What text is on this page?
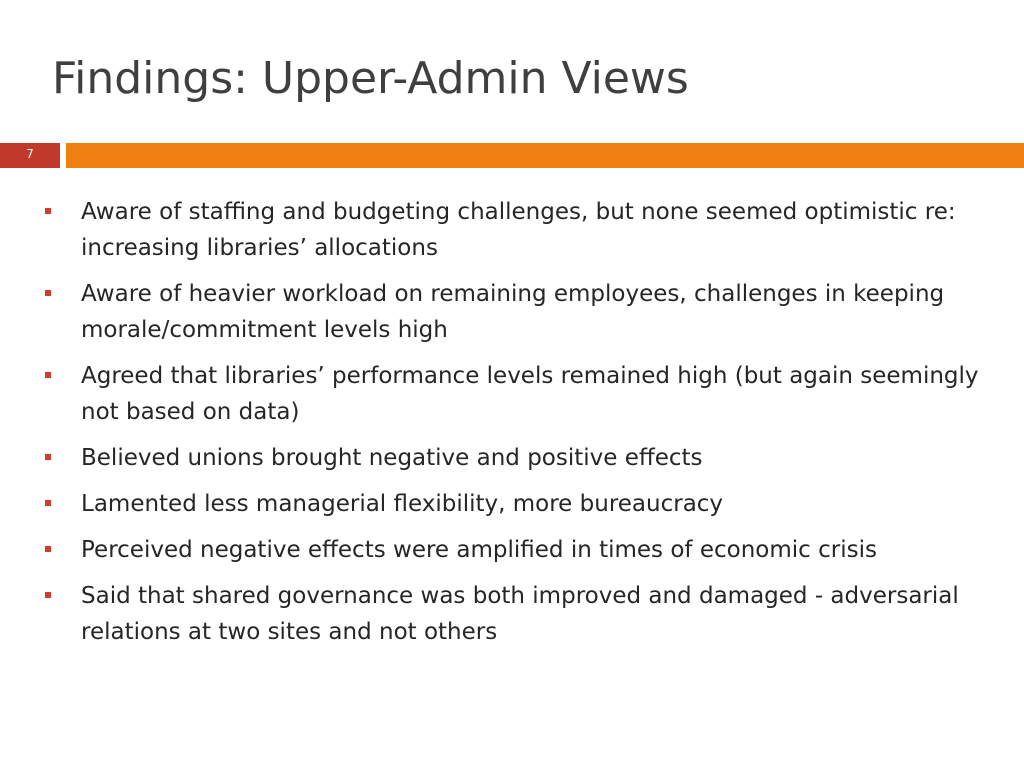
Findings: Upper-Admin Views
7
Aware of staffing and budgeting challenges, but none seemed optimistic re: increasing libraries’ allocations
Aware of heavier workload on remaining employees, challenges in keeping morale/commitment levels high
Agreed that libraries’ performance levels remained high (but again seemingly not based on data)
Believed unions brought negative and positive effects
Lamented less managerial flexibility, more bureaucracy
Perceived negative effects were amplified in times of economic crisis
Said that shared governance was both improved and damaged - adversarial relations at two sites and not others
